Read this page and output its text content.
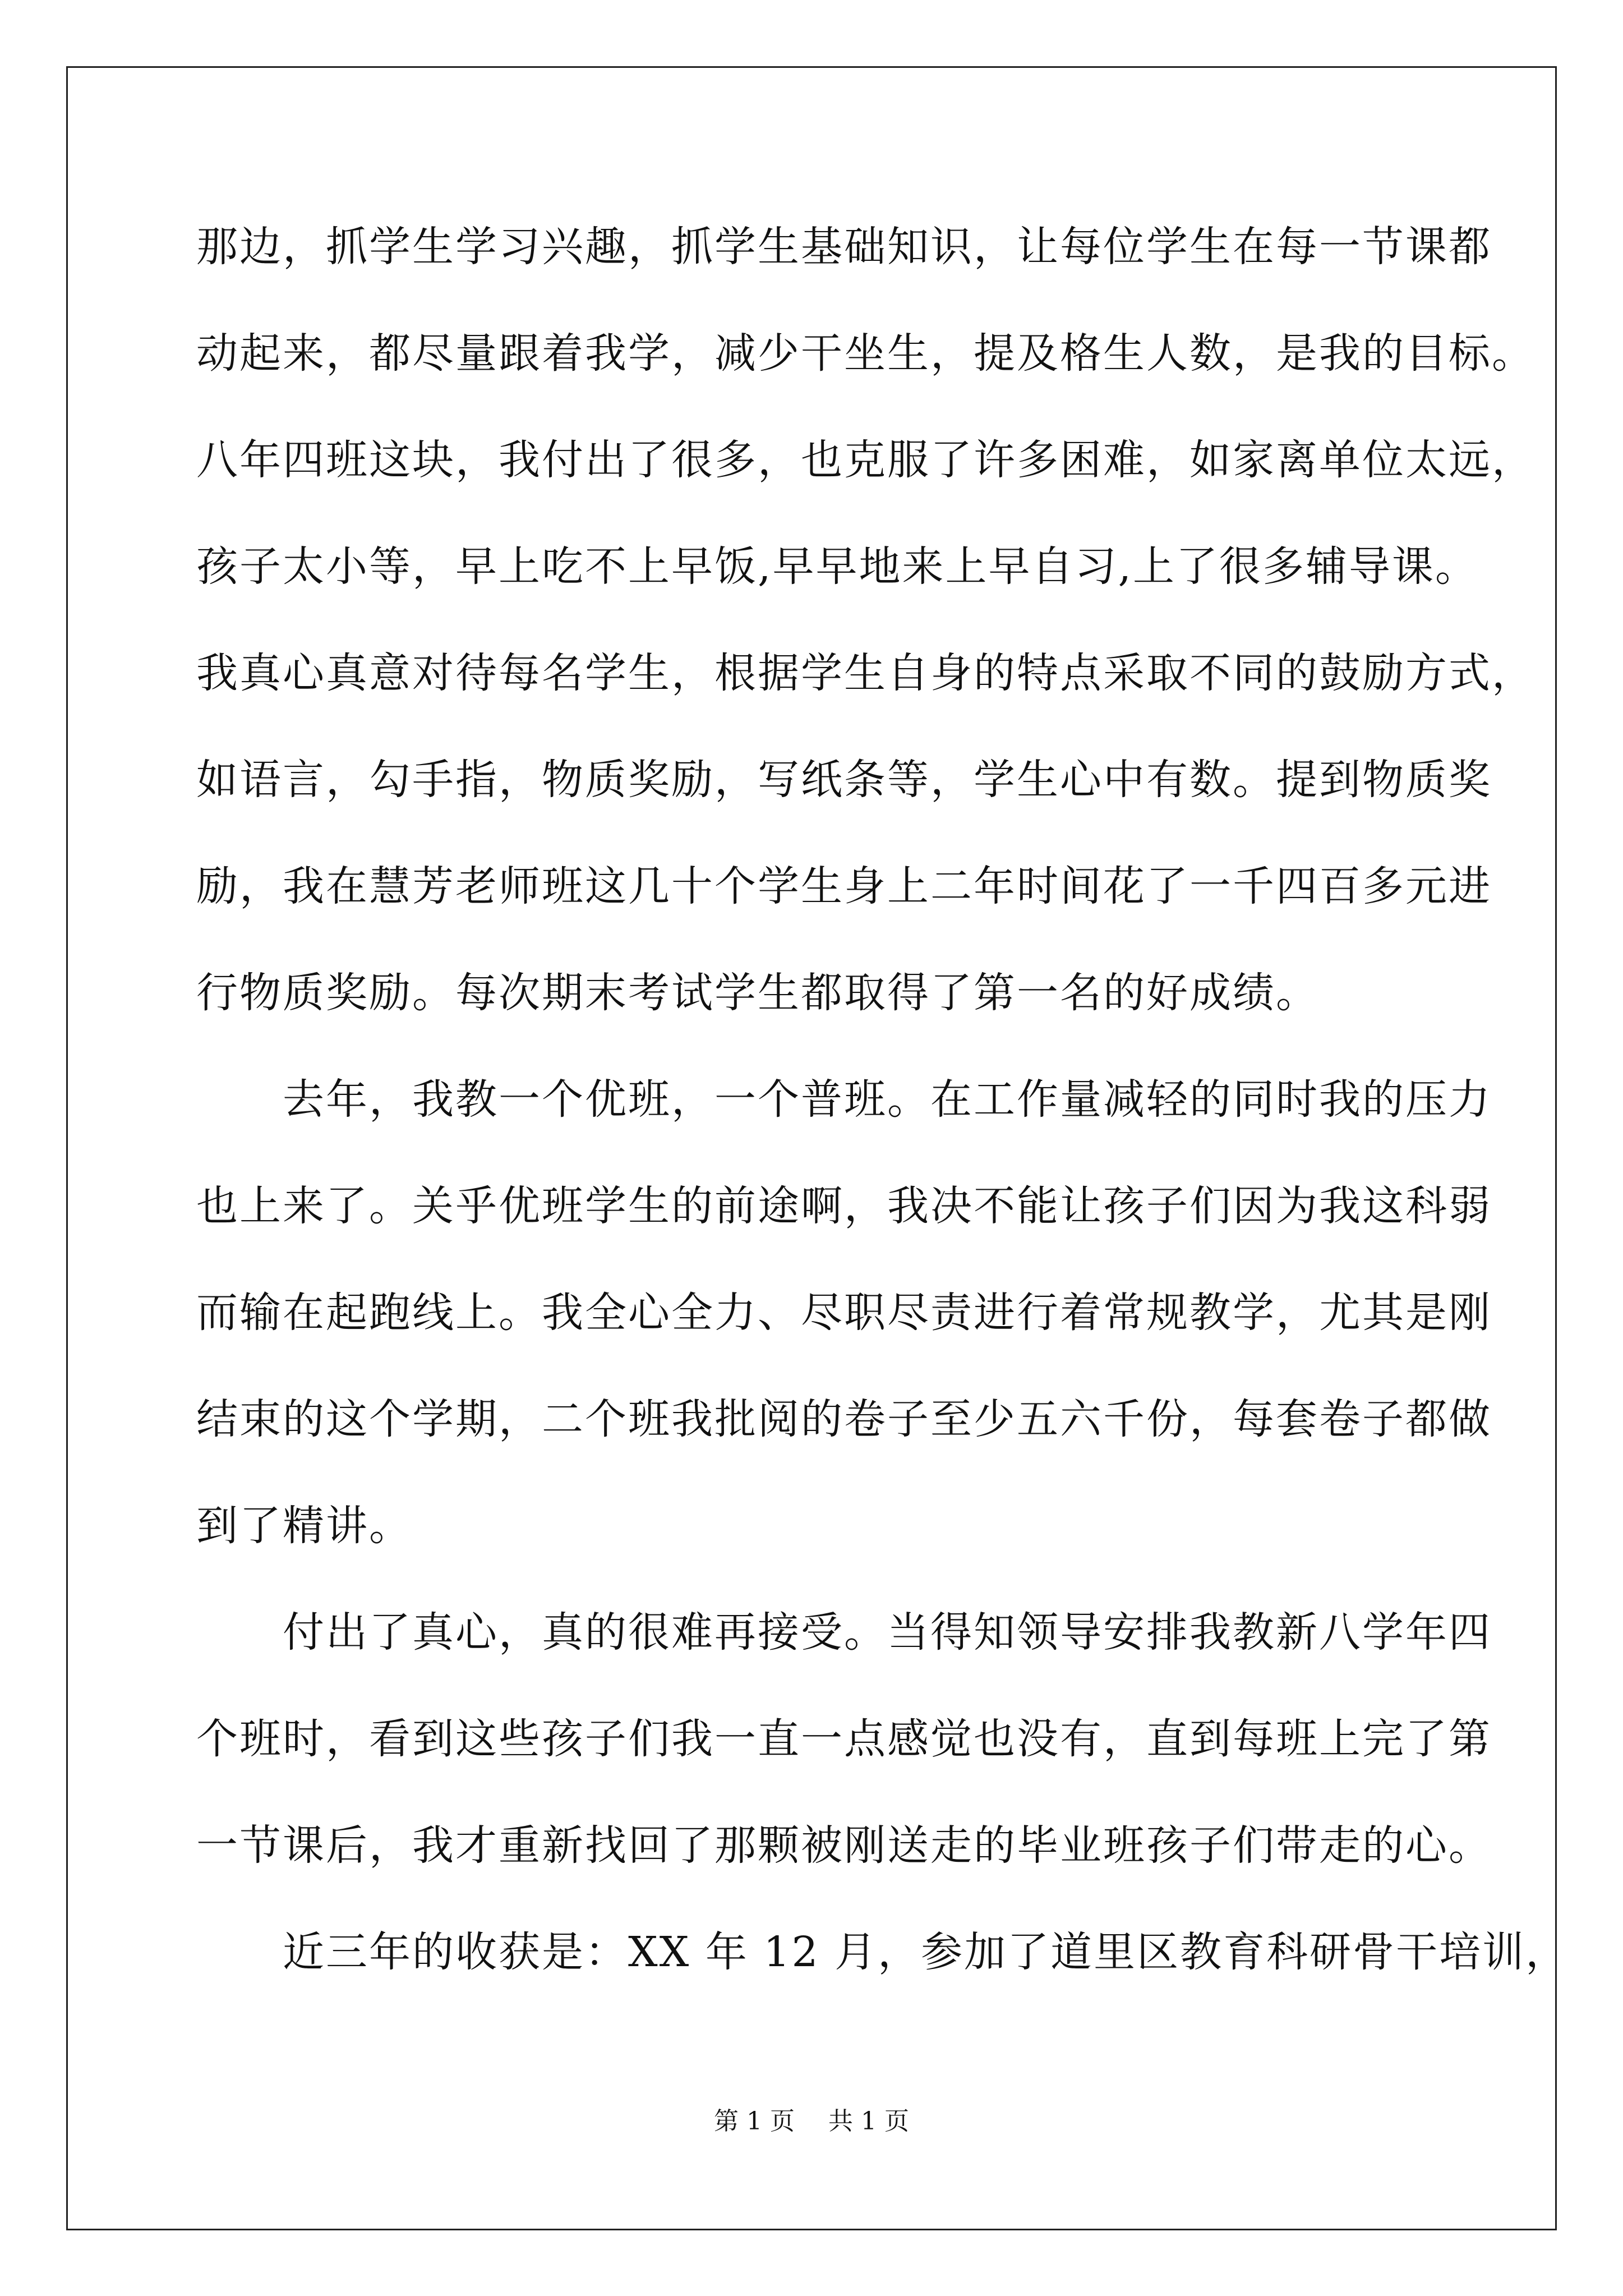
那边，抓学生学习兴趣，抓学生基础知识，让每位学生在每一节课都
动起来，都尽量跟着我学，减少干坐生，提及格生人数，是我的目标。
八年四班这块，我付出了很多，也克服了许多困难，如家离单位太远，
孩子太小等，早上吃不上早饭,早早地来上早自习,上了很多辅导课。
我真心真意对待每名学生，根据学生自身的特点采取不同的鼓励方式，
如语言，勾手指，物质奖励，写纸条等，学生心中有数。提到物质奖
励，我在慧芳老师班这几十个学生身上二年时间花了一千四百多元进
行物质奖励。每次期末考试学生都取得了第一名的好成绩。
　　去年，我教一个优班，一个普班。在工作量减轻的同时我的压力
也上来了。关乎优班学生的前途啊，我决不能让孩子们因为我这科弱
而输在起跑线上。我全心全力、尽职尽责进行着常规教学，尤其是刚
结束的这个学期，二个班我批阅的卷子至少五六千份，每套卷子都做
到了精讲。
　　付出了真心，真的很难再接受。当得知领导安排我教新八学年四
个班时，看到这些孩子们我一直一点感觉也没有，直到每班上完了第
一节课后，我才重新找回了那颗被刚送走的毕业班孩子们带走的心。
　　近三年的收获是：XX 年 12 月，参加了道里区教育科研骨干培训，
第 1 页 共 1 页
